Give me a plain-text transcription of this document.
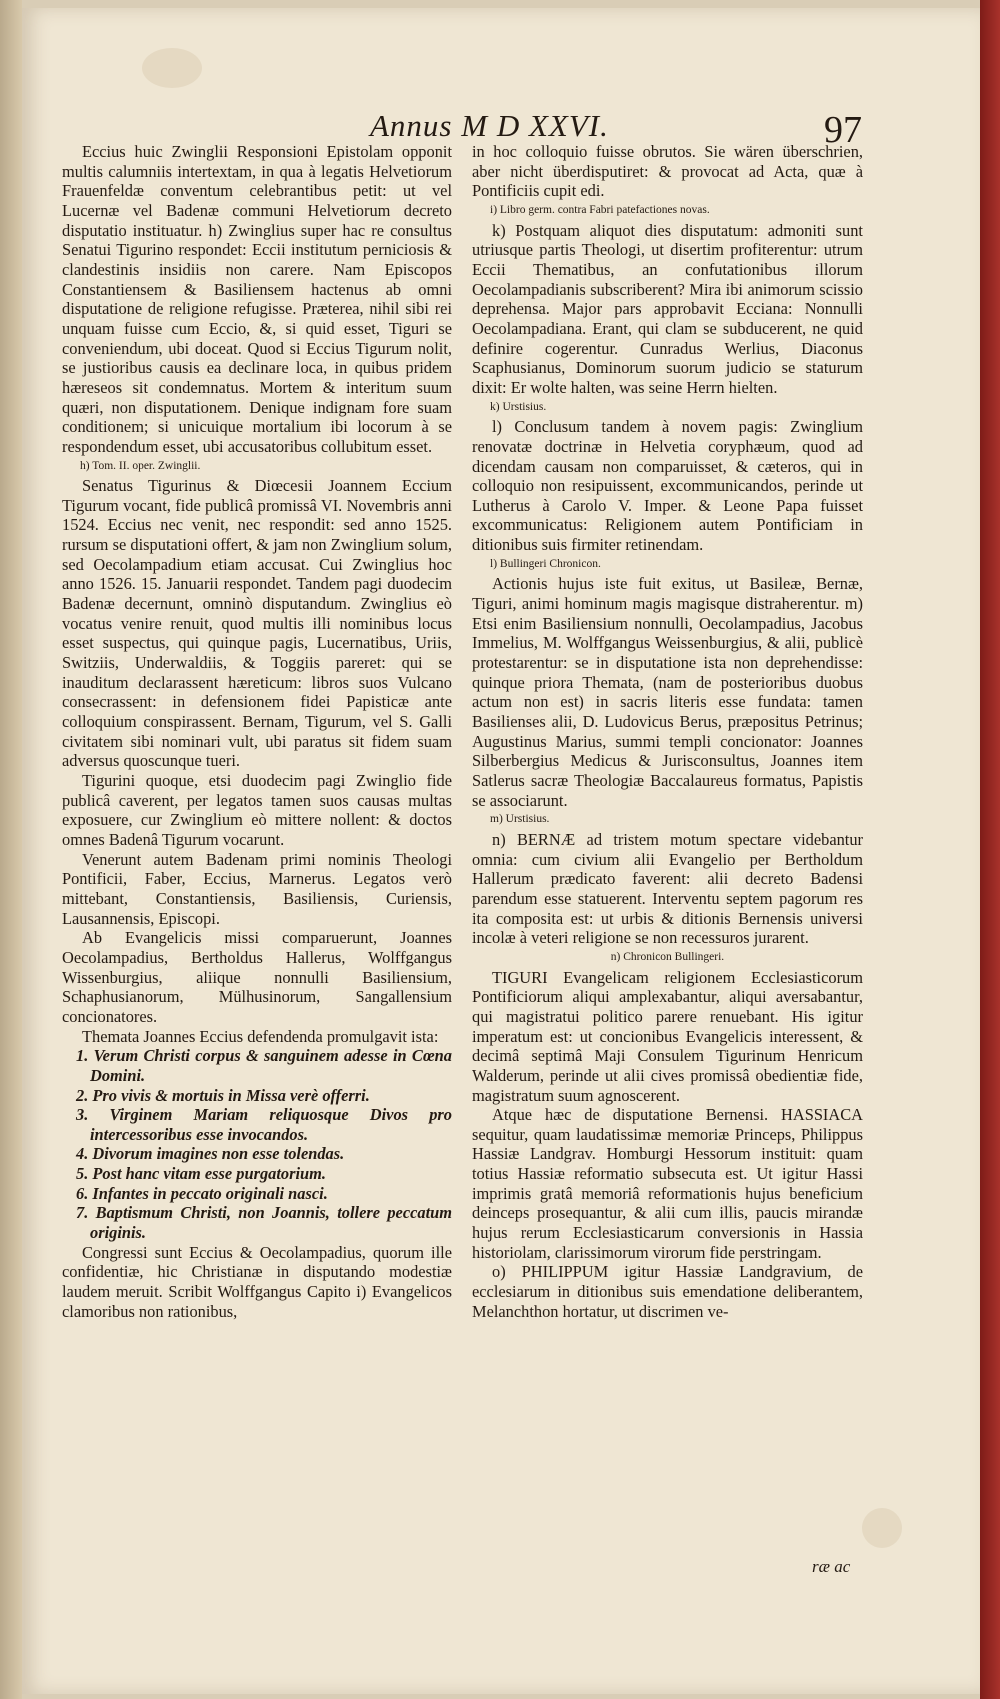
Annus M D XXVI.	97

Eccius huic Zwinglii Responsioni Epistolam opponit multis calumniis intertextam, in qua à legatis Helvetiorum Frauenfeldæ conventum celebrantibus petit: ut vel Lucernæ vel Badenæ communi Helvetiorum decreto disputatio instituatur. h) Zwinglius super hac re consultus Senatui Tigurino respondet: Eccii institutum perniciosis & clandestinis insidiis non carere. Nam Episcopos Constantiensem & Basiliensem hactenus ab omni disputatione de religione refugisse. Præterea, nihil sibi rei unquam fuisse cum Eccio, &, si quid esset, Tiguri se conveniendum, ubi doceat. Quod si Eccius Tigurum nolit, se justioribus causis ea declinare loca, in quibus pridem hæreseos sit condemnatus. Mortem & interitum suum quæri, non disputationem. Denique indignam fore suam conditionem; si unicuique mortalium ibi locorum à se respondendum esset, ubi accusatoribus collubitum esset.

h) Tom. II. oper. Zwinglii.

Senatus Tigurinus & Diœcesii Joannem Eccium Tigurum vocant, fide publicâ promissâ VI. Novembris anni 1524. Eccius nec venit, nec respondit: sed anno 1525. rursum se disputationi offert, & jam non Zwinglium solum, sed Oecolampadium etiam accusat. Cui Zwinglius hoc anno 1526. 15. Januarii respondet. Tandem pagi duodecim Badenæ decernunt, omninò disputandum. Zwinglius eò vocatus venire renuit, quod multis illi nominibus locus esset suspectus, qui quinque pagis, Lucernatibus, Uriis, Switziis, Underwaldiis, & Toggiis pareret: qui se inauditum declarassent hæreticum: libros suos Vulcano consecrassent: in defensionem fidei Papisticæ ante colloquium conspirassent. Bernam, Tigurum, vel S. Galli civitatem sibi nominari vult, ubi paratus sit fidem suam adversus quoscunque tueri.

Tigurini quoque, etsi duodecim pagi Zwinglio fide publicâ caverent, per legatos tamen suos causas multas exposuere, cur Zwinglium eò mittere nollent: & doctos omnes Badenâ Tigurum vocarunt.

Venerunt autem Badenam primi nominis Theologi Pontificii, Faber, Eccius, Marnerus. Legatos verò mittebant, Constantiensis, Basiliensis, Curiensis, Lausannensis, Episcopi.

Ab Evangelicis missi comparuerunt, Joannes Oecolampadius, Bertholdus Hallerus, Wolffgangus Wissenburgius, aliique nonnulli Basiliensium, Schaphusianorum, Mülhusinorum, Sangallensium concionatores.

Themata Joannes Eccius defendenda promulgavit ista:

1. Verum Christi corpus & sanguinem adesse in Cœna Domini.

2. Pro vivis & mortuis in Missa verè offerri.

3. Virginem Mariam reliquosque Divos pro intercessoribus esse invocandos.

4. Divorum imagines non esse tolendas.

5. Post hanc vitam esse purgatorium.

6. Infantes in peccato originali nasci.

7. Baptismum Christi, non Joannis, tollere peccatum originis.

Congressi sunt Eccius & Oecolampadius, quorum ille confidentiæ, hic Christianæ in disputando modestiæ laudem meruit. Scribit Wolffgangus Capito i) Evangelicos clamoribus non rationibus,

in hoc colloquio fuisse obrutos. Sie wären überschrien, aber nicht überdisputiret: & provocat ad Acta, quæ à Pontificiis cupit edi.

i) Libro germ. contra Fabri patefactiones novas.

k) Postquam aliquot dies disputatum: admoniti sunt utriusque partis Theologi, ut disertim profiterentur: utrum Eccii Thematibus, an confutationibus illorum Oecolampadianis subscriberent? Mira ibi animorum scissio deprehensa. Major pars approbavit Ecciana: Nonnulli Oecolampadiana. Erant, qui clam se subducerent, ne quid definire cogerentur. Cunradus Werlius, Diaconus Scaphusianus, Dominorum suorum judicio se staturum dixit: Er wolte halten, was seine Herrn hielten.

k) Urstisius.

l) Conclusum tandem à novem pagis: Zwinglium renovatæ doctrinæ in Helvetia coryphæum, quod ad dicendam causam non comparuisset, & cæteros, qui in colloquio non resipuissent, excommunicandos, perinde ut Lutherus à Carolo V. Imper. & Leone Papa fuisset excommunicatus: Religionem autem Pontificiam in ditionibus suis firmiter retinendam.

l) Bullingeri Chronicon.

Actionis hujus iste fuit exitus, ut Basileæ, Bernæ, Tiguri, animi hominum magis magisque distraherentur. m) Etsi enim Basiliensium nonnulli, Oecolampadius, Jacobus Immelius, M. Wolffgangus Weissenburgius, & alii, publicè protestarentur: se in disputatione ista non deprehendisse: quinque priora Themata, (nam de posterioribus duobus actum non est) in sacris literis esse fundata: tamen Basilienses alii, D. Ludovicus Berus, præpositus Petrinus; Augustinus Marius, summi templi concionator: Joannes Silberbergius Medicus & Jurisconsultus, Joannes item Satlerus sacræ Theologiæ Baccalaureus formatus, Papistis se associarunt.

m) Urstisius.

n) BERNÆ ad tristem motum spectare videbantur omnia: cum civium alii Evangelio per Bertholdum Hallerum prædicato faverent: alii decreto Badensi parendum esse statuerent. Interventu septem pagorum res ita composita est: ut urbis & ditionis Bernensis universi incolæ à veteri religione se non recessuros jurarent.

n) Chronicon Bullingeri.

TIGURI Evangelicam religionem Ecclesiasticorum Pontificiorum aliqui amplexabantur, aliqui aversabantur, qui magistratui politico parere renuebant. His igitur imperatum est: ut concionibus Evangelicis interessent, & decimâ septimâ Maji Consulem Tigurinum Henricum Walderum, perinde ut alii cives promissâ obedientiæ fide, magistratum suum agnoscerent.

Atque hæc de disputatione Bernensi. HASSIACA sequitur, quam laudatissimæ memoriæ Princeps, Philippus Hassiæ Landgrav. Homburgi Hessorum instituit: quam totius Hassiæ reformatio subsecuta est. Ut igitur Hassi imprimis gratâ memoriâ reformationis hujus beneficium deinceps prosequantur, & alii cum illis, paucis mirandæ hujus rerum Ecclesiasticarum conversionis in Hassia historiolam, clarissimorum virorum fide perstringam.

o) PHILIPPUM igitur Hassiæ Landgravium, de ecclesiarum in ditionibus suis emendatione deliberantem, Melanchthon hortatur, ut discrimen ve-

ræ ac
